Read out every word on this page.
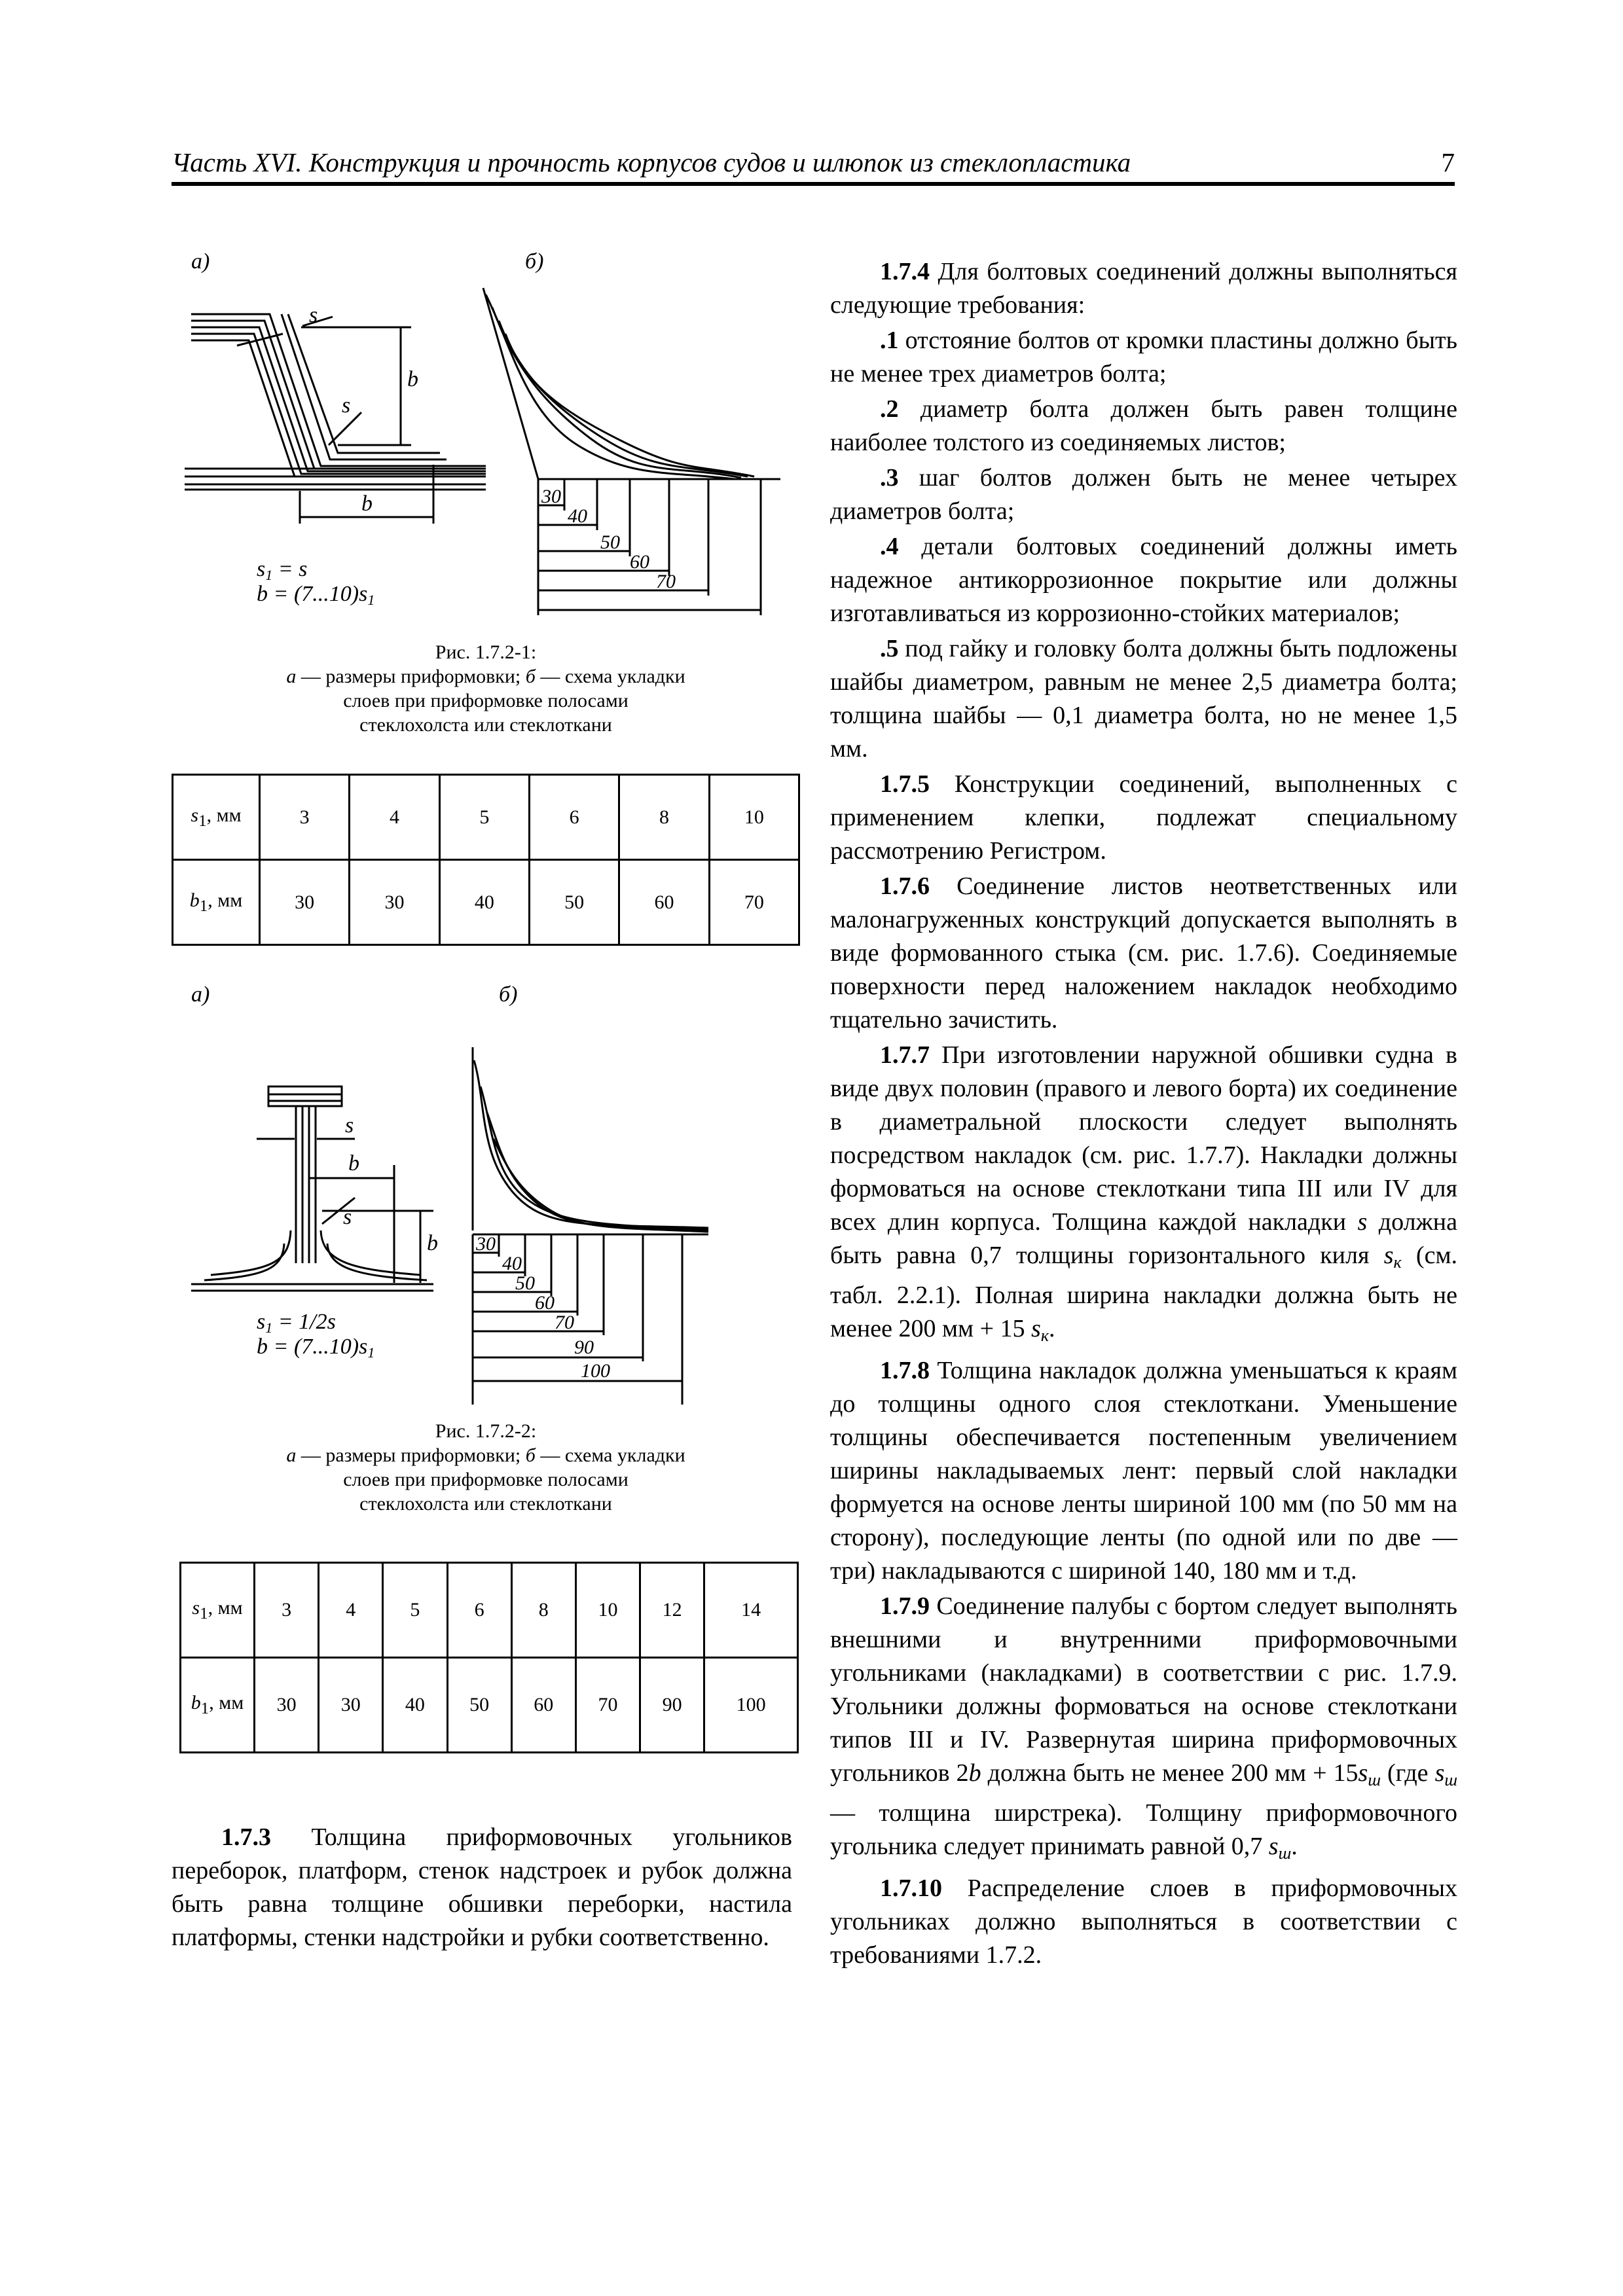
Часть XVI. Конструкция и прочность корпусов судов и шлюпок из стеклопластика	7
а)	б)
s
s
b
b
s1 = s
b = (7...10)s1
30
40
50
60
70
Рис. 1.7.2-1:
а — размеры приформовки; б — схема укладки
слоев при приформовке полосами
стеклохолста или стеклоткани
$s_1$, мм	3	4	5	6	8	10
$b_1$, мм	30	30	40	50	60	70
а)	б)
s
b
b
s
s1 = 1/2s
b = (7...10)s1
30
40
50
60
70
90
100
Рис. 1.7.2-2:
а — размеры приформовки; б — схема укладки
слоев при приформовке полосами
стеклохолста или стеклоткани
$s_1$, мм	3	4	5	6	8	10	12	14
$b_1$, мм	30	30	40	50	60	70	90	100

1.7.3 Толщина приформовочных угольников переборок, платформ, стенок надстроек и рубок должна быть равна толщине обшивки переборки, настила платформы, стенки надстройки и рубки соответственно.

1.7.4 Для болтовых соединений должны выполняться следующие требования:

.1 отстояние болтов от кромки пластины должно быть не менее трех диаметров болта;

.2 диаметр болта должен быть равен толщине наиболее толстого из соединяемых листов;

.3 шаг болтов должен быть не менее четырех диаметров болта;

.4 детали болтовых соединений должны иметь надежное антикоррозионное покрытие или должны изготавливаться из коррозионно-стойких материалов;

.5 под гайку и головку болта должны быть подложены шайбы диаметром, равным не менее 2,5 диаметра болта; толщина шайбы — 0,1 диаметра болта, но не менее 1,5 мм.

1.7.5 Конструкции соединений, выполненных с применением клепки, подлежат специальному рассмотрению Регистром.

1.7.6 Соединение листов неответственных или малонагруженных конструкций допускается выполнять в виде формованного стыка (см. рис. 1.7.6). Соединяемые поверхности перед наложением накладок необходимо тщательно зачистить.

1.7.7 При изготовлении наружной обшивки судна в виде двух половин (правого и левого борта) их соединение в диаметральной плоскости следует выполнять посредством накладок (см. рис. 1.7.7). Накладки должны формоваться на основе стеклоткани типа III или IV для всех длин корпуса. Толщина каждой накладки s должна быть равна 0,7 толщины горизонтального киля $s_к$ (см. табл. 2.2.1). Полная ширина накладки должна быть не менее 200 мм + 15 $s_к$.

1.7.8 Толщина накладок должна уменьшаться к краям до толщины одного слоя стеклоткани. Уменьшение толщины обеспечивается постепенным увеличением ширины накладываемых лент: первый слой накладки формуется на основе ленты шириной 100 мм (по 50 мм на сторону), последующие ленты (по одной или по две — три) накладываются с шириной 140, 180 мм и т.д.

1.7.9 Соединение палубы с бортом следует выполнять внешними и внутренними приформовочными угольниками (накладками) в соответствии с рис. 1.7.9. Угольники должны формоваться на основе стеклоткани типов III и IV. Развернутая ширина приформовочных угольников 2b должна быть не менее 200 мм + $15s_ш$ (где $s_ш$ — толщина ширстрека). Толщину приформовочного угольника следует принимать равной 0,7 $s_ш$.

1.7.10 Распределение слоев в приформовочных угольниках должно выполняться в соответствии с требованиями 1.7.2.
